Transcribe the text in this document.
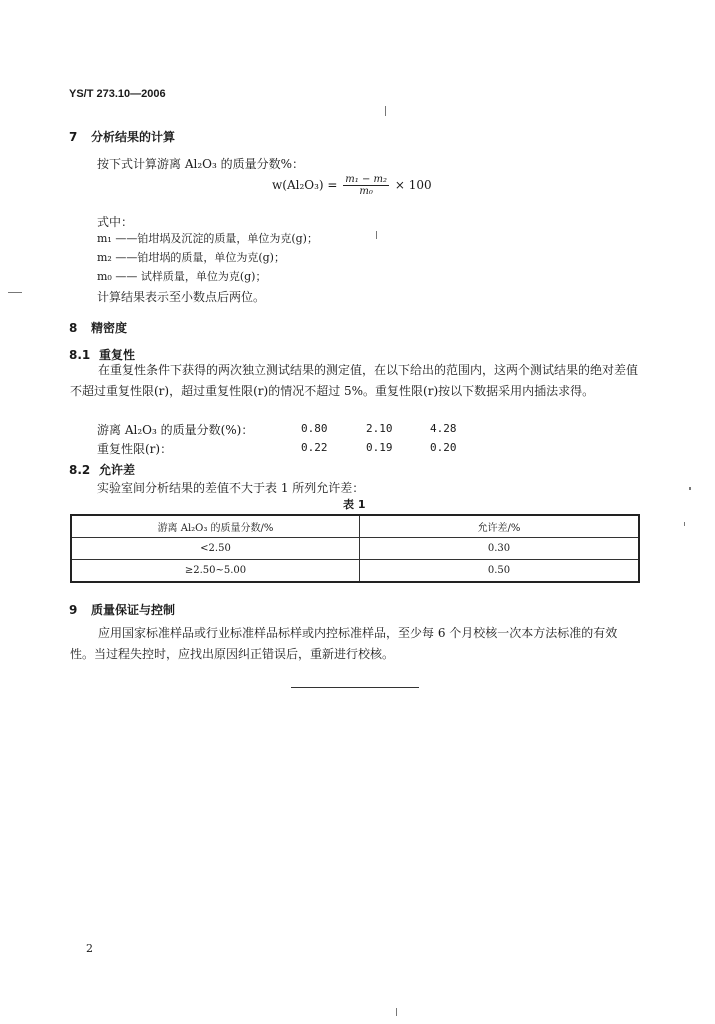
YS/T 273.10—2006
7 分析结果的计算
按下式计算游离 Al₂O₃ 的质量分数%：
$w(Al_2O_3) = \frac{\text{m₁ − m₂}}{\text{m₀}} \times 100$
式中：
m₁ ——铂坩埚及沉淀的质量，单位为克(g)；
m₂ ——铂坩埚的质量，单位为克(g)；
m₀ —— 试样质量，单位为克(g)；
计算结果表示至小数点后两位。
8 精密度
8.1 重复性
在重复性条件下获得的两次独立测试结果的测定值，在以下给出的范围内，这两个测试结果的绝对差值不超过重复性限(r)，超过重复性限(r)的情况不超过 5%。重复性限(r)按以下数据采用内插法求得。
游离 Al₂O₃ 的质量分数(%)：	0.80	2.10	4.28
重复性限(r)：	0.22	0.19	0.20
8.2 允许差
实验室间分析结果的差值不大于表 1 所列允许差：
表 1
游离 Al₂O₃ 的质量分数/%	允许差/%
<2.50	0.30
≥2.50~5.00	0.50
9 质量保证与控制
应用国家标准样品或行业标准样品标样或内控标准样品，至少每 6 个月校核一次本方法标准的有效性。当过程失控时，应找出原因纠正错误后，重新进行校核。
2
